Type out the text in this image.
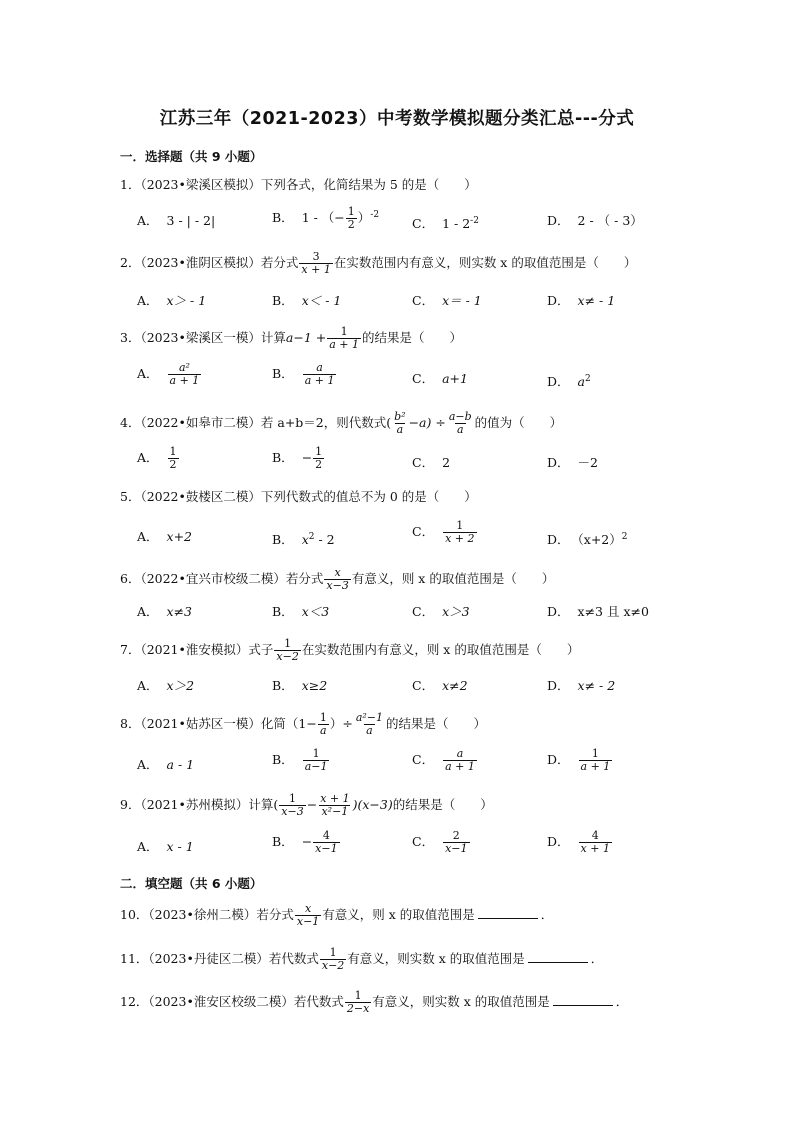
江苏三年（2021-2023）中考数学模拟题分类汇总---分式
一．选择题（共 9 小题）
1．（2023•梁溪区模拟）下列各式，化简结果为 5 的是（　　）
A． 3 - | - 2|	B． 1 - （− $\frac{1}{2} )^{-2}$
C． $1 - 2^{-2}$	D． 2 - （ - 3）
2．（2023•淮阴区模拟）若分式 $\frac{3}{x + 1}$ 在实数范围内有意义，则实数 x 的取值范围是（　　）
A． x＞ - 1	B． x＜ - 1	C． x＝ - 1	D． x≠ - 1
3．（2023•梁溪区一模）计算$a-1 + \frac{1}{a + 1}$ 的结果是（　　）
A． $\frac{\text{a²}}{a + 1}$	B． $\frac{a}{a + 1}$	C． a+1	D． $a^2$
4．（2022•如皋市二模）若 a+b＝2，则代数式( $\frac{\text{b²}}{a} -a) \div \frac{a-b}{a}$ 的值为（　　）
A． $\frac{1}{2}$	B． − $\frac{1}{2}$	C． 2	D． －2
5．（2022•鼓楼区二模）下列代数式的值总不为 0 的是（　　）
A． x+2	B． $x^2 - 2$
C． $\frac{1}{x + 2}$	D． $(x+2)^2$
6．（2022•宜兴市校级二模）若分式 $\frac{x}{x-3}$ 有意义，则 x 的取值范围是（　　）
A． x≠3	B． x＜3	C． x＞3	D． x≠3 且 x≠0
7．（2021•淮安模拟）式子 $\frac{1}{x-2}$ 在实数范围内有意义，则 x 的取值范围是（　　）
A． x＞2	B． x≥2	C． x≠2	D． x≠ - 2
8．（2021•姑苏区一模）化简（$1- \frac{1}{a}$ ）÷ $\frac{\text{a²−1}}{a}$ 的结果是（　　）
A． a - 1	B． $\frac{1}{a-1}$	C． $\frac{a}{a + 1}$	D． $\frac{1}{a + 1}$
9．（2021•苏州模拟）计算( $\frac{1}{x-3} - \frac{x + 1}{\text{x²−1}} )(x-3)$的结果是（　　）
A． x - 1	B． − $\frac{4}{x-1}$	C． $\frac{2}{x-1}$	D． $\frac{4}{x + 1}$
二．填空题（共 6 小题）
10．（2023•徐州二模）若分式 $\frac{x}{x-1}$ 有意义，则 x 的取值范围是	．
11．（2023•丹徒区二模）若代数式 $\frac{1}{x-2}$ 有意义，则实数 x 的取值范围是	．
12．（2023•淮安区校级二模）若代数式 $\frac{1}{2-x}$ 有意义，则实数 x 的取值范围是	．
